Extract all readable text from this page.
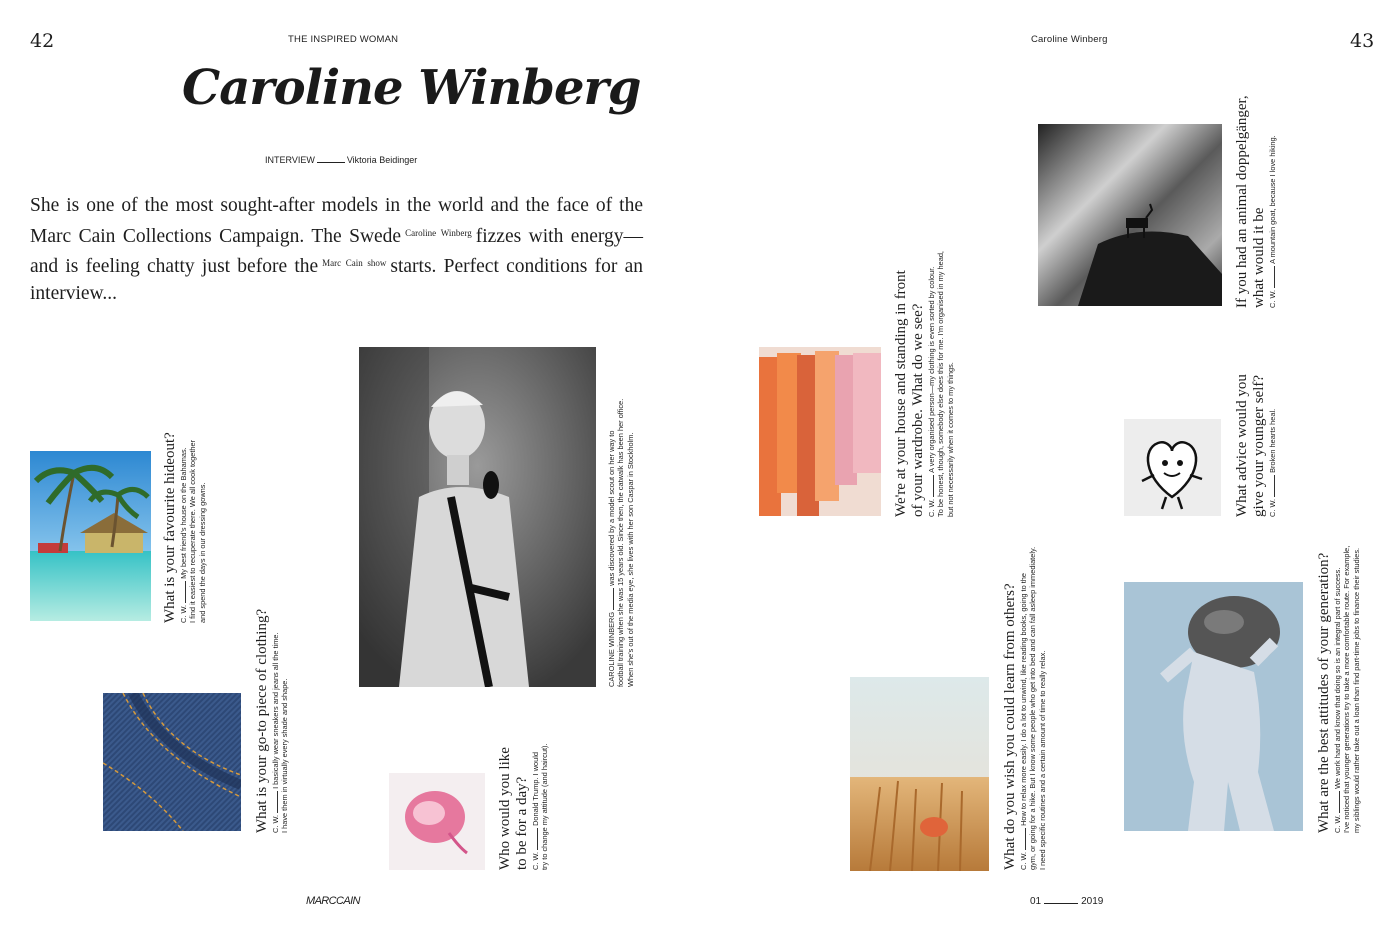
42	THE INSPIRED WOMAN	Caroline Winberg	43
Caroline Winberg
INTERVIEW	Viktoria Beidinger
She is one of the most sought-after models in the world and the face of the Marc Cain Collections Campaign. The Swede $^{Caroline Winberg}$ fizzes with energy—and is feeling chatty just before the $^{Marc Cain show}$ starts. Perfect conditions for an interview...
What is your favourite hideout? C. W.My best friend's house on the Bahamas. I find it easiest to recuperate there. We all cook together and spend the days in our dressing gowns.
What is your go-to piece of clothing? C. W.I basically wear sneakers and jeans all the time. I have them in virtually every shade and shape.	Who would you like to be for a day? C. W.Donald Trump. I would try to change my attitude (and haircut).
CAROLINE WINBERGwas discovered by a model scout on her way to football training when she was 15 years old. Since then, the catwalk has been her office. When she's out of the media eye, she lives with her son Caspar in Stockholm.
We're at your house and standing in front of your wardrobe. What do we see? C. W.A very organised person—my clothing is even sorted by colour. To be honest, though, somebody else does this for me. I'm organised in my head, but not necessarily when it comes to my things.
What do you wish you could learn from others? C. W.How to relax more easily. I do a lot to unwind, like reading books, going to the gym, or going for a hike. But I know some people who get into bed and can fall asleep immediately. I need specific routines and a certain amount of time to really relax.
If you had an animal doppelgänger, what would it be C. W.A mountain goat, because I love hiking.
What advice would you give your younger self? C. W.Broken hearts heal.
What are the best attitudes of your generation? C. W.We work hard and know that doing so is an integral part of success. I've noticed that younger generations try to take a more comfortable route. For example, my siblings would rather take out a loan than find part-time jobs to finance their studies.
MARCCAIN	01	2019
